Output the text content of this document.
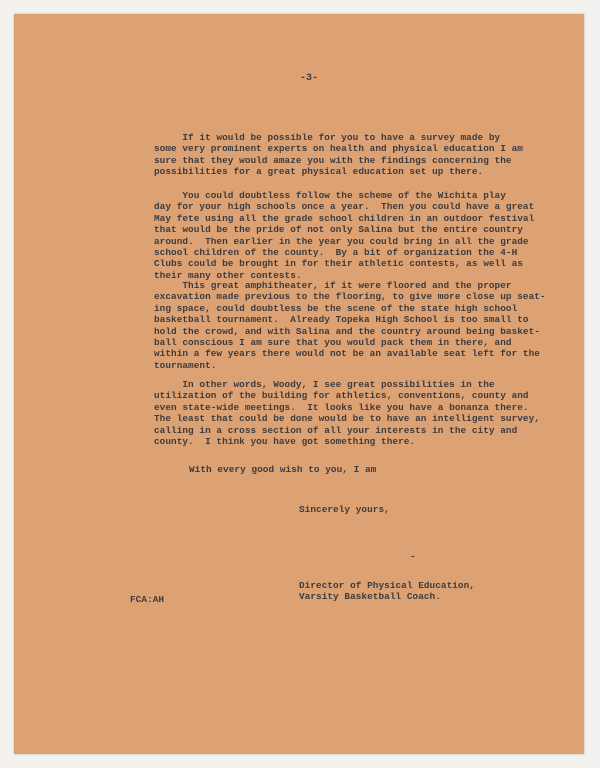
-3-
If it would be possible for you to have a survey made by
some very prominent experts on health and physical education I am
sure that they would amaze you with the findings concerning the
possibilities for a great physical education set up there.
You could doubtless follow the scheme of the Wichita play
day for your high schools once a year.  Then you could have a great
May fete using all the grade school children in an outdoor festival
that would be the pride of not only Salina but the entire country
around.  Then earlier in the year you could bring in all the grade
school children of the county.  By a bit of organization the 4-H
Clubs could be brought in for their athletic contests, as well as
their many other contests.
This great amphitheater, if it were floored and the proper
excavation made previous to the flooring, to give more close up seat-
ing space, could doubtless be the scene of the state high school
basketball tournament.  Already Topeka High School is too small to
hold the crowd, and with Salina and the country around being basket-
ball conscious I am sure that you would pack them in there, and
within a few years there would not be an available seat left for the
tournament.
In other words, Woody, I see great possibilities in the
utilization of the building for athletics, conventions, county and
even state-wide meetings.  It looks like you have a bonanza there.
The least that could be done would be to have an intelligent survey,
calling in a cross section of all your interests in the city and
county.  I think you have got something there.
With every good wish to you, I am
Sincerely yours,
-
Director of Physical Education,
Varsity Basketball Coach.
FCA:AH
